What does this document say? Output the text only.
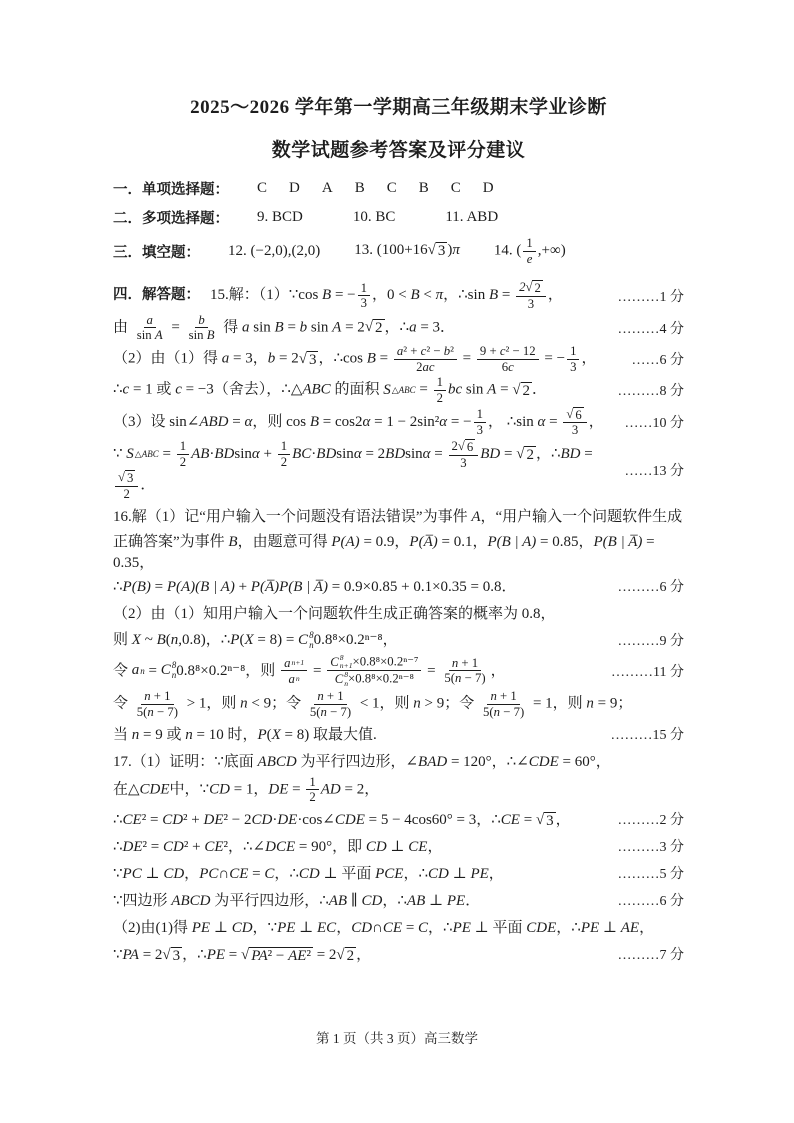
2025～2026 学年第一学期高三年级期末学业诊断
数学试题参考答案及评分建议
一．单项选择题： C D A B C B C D
二．多项选择题： 9. BCD	10. BC	11. ABD
三．填空题： 12. (−2,0),(2,0) 13. (100+16 √ 3 )π 14. ( $\frac{1}{e}$ ,+∞)
四．解答题： 15.解：（1）∵cos B = − $\frac{1}{3}$ ，0 < B < π，∴sin $B = \frac{2 √ 2}{3}$ ，	………1 分
由 $\frac{a}{\text{sin A}} = \frac{b}{\text{sin B}}$ 得 a sin B = b sin A = 2 √ 2 ，∴a = 3．	………4 分
（2）由（1）得 a = 3，b = 2 √ 3 ，∴cos $B = \frac{\text{a² + c² − b²}}{2ac} = \frac{\text{9 + c² − 12}}{6c}$ = − $\frac{1}{3}$ ，	……6 分
∴c = 1 或 c = −3（舍去），∴△ABC 的面积 S △ABC = $\frac{1}{2}$ bc sin A = √ 2 ．	………8 分
（3）设 sin∠ABD = α，则 cos B = cos2α = 1 − 2sin²α = − $\frac{1}{3}$ ， ∴sin $\alpha = \frac{√ 6}{3}$ ，	……10 分
∵ S △ABC = $\frac{1}{2} AB\cdot BDsin\alpha + \frac{1}{2} BC\cdot BDsin\alpha = 2BDsin\alpha = \frac{2 √ 6}{3}$ BD = √ 2 ，∴BD =
$\frac{√ 3}{2}$ ．
……13 分
16.解（1）记“用户输入一个问题没有语法错误”为事件 A，“用户输入一个问题软件生成
正确答案”为事件 B，由题意可得 P(A) = 0.9，P(A̅) = 0.1，P(B | A) = 0.85，P(B | A̅) = 0.35，
∴P(B) = P(A)(B | A) + P(A̅)P(B | A̅) = 0.9×0.85 + 0.1×0.35 = 0.8．	………6 分
（2）由（1）知用户输入一个问题软件生成正确答案的概率为 0.8，
则 X ~ B(n,0.8)，∴P(X = 8) = C 8
n 0.8⁸×0.2ⁿ⁻⁸，	………9 分
令 a n = C 8
n 0.8⁸×0.2ⁿ⁻⁸，则 $\frac{\text{a n+1}}{\text{a n}} = C$ 8
n+1 ×0.8⁸×0.2ⁿ⁻⁷
C 8
$n \times 0.8^8\times 0.2^{n-8} = \frac{n + 1}{5(n - 7)}$ ，	………11 分
令 $\frac{n + 1}{5(n - 7)} > 1$，则 n < 9；令 $\frac{n + 1}{5(n - 7)} < 1$，则 n > 9；令 $\frac{n + 1}{5(n - 7)} = 1$，则 n = 9；
当 n = 9 或 n = 10 时，P(X = 8) 取最大值.	………15 分
17.（1）证明：∵底面 ABCD 为平行四边形，∠BAD = 120°，∴∠CDE = 60°，
在△CDE中，∵CD = 1，DE = $\frac{1}{2}$ AD = 2，
∴CE² = CD² + DE² − 2CD·DE·cos∠CDE = 5 − 4cos60° = 3，∴CE = √ 3 ，	………2 分
∴DE² = CD² + CE²，∴∠DCE = 90°，即 CD ⊥ CE，	………3 分
∵PC ⊥ CD，PC∩CE = C，∴CD ⊥ 平面 PCE，∴CD ⊥ PE，	………5 分
∵四边形 ABCD 为平行四边形，∴AB ∥ CD，∴AB ⊥ PE．	………6 分
（2)由(1)得 PE ⊥ CD，∵PE ⊥ EC，CD∩CE = C，∴PE ⊥ 平面 CDE，∴PE ⊥ AE，
∵PA = 2 √ 3 ，∴PE = √ PA² − AE² = 2 √ 2 ，	………7 分
第 1 页（共 3 页）高三数学
